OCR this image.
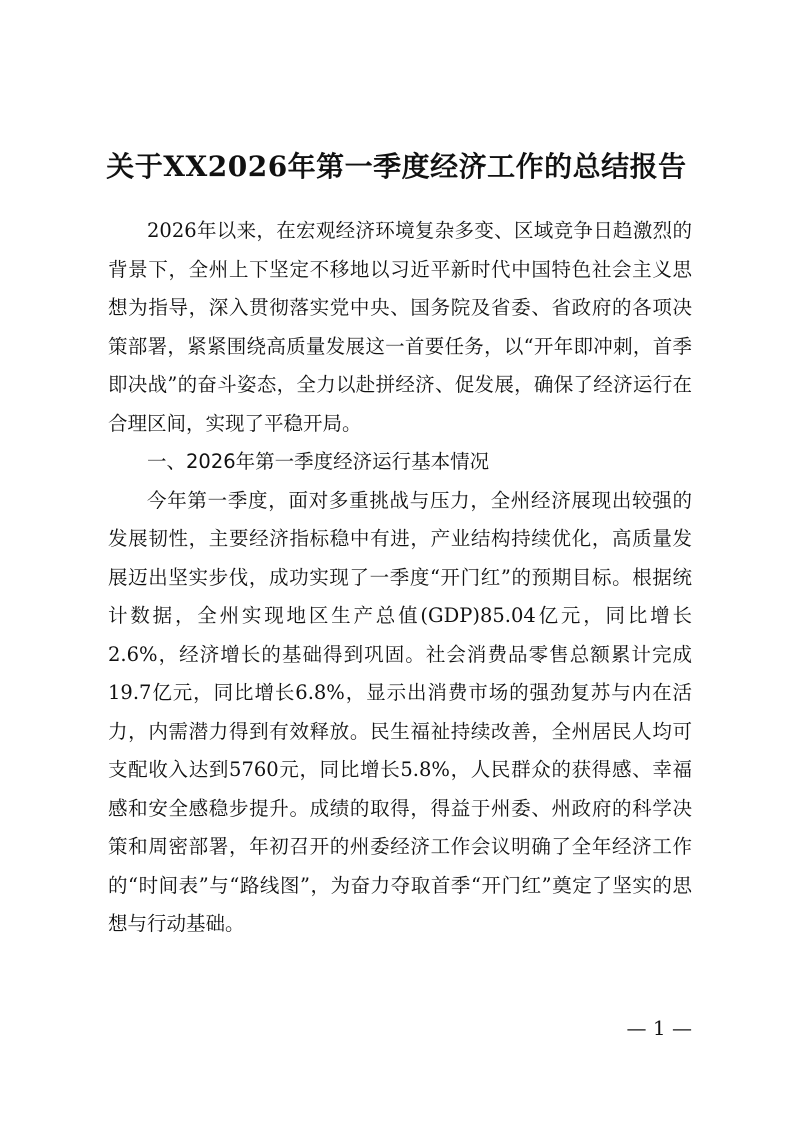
关于XX2026年第一季度经济工作的总结报告

2026年以来，在宏观经济环境复杂多变、区域竞争日趋激烈的背景下，全州上下坚定不移地以习近平新时代中国特色社会主义思想为指导，深入贯彻落实党中央、国务院及省委、省政府的各项决策部署，紧紧围绕高质量发展这一首要任务，以“开年即冲刺，首季即决战”的奋斗姿态，全力以赴拼经济、促发展，确保了经济运行在合理区间，实现了平稳开局。

一、2026年第一季度经济运行基本情况

今年第一季度，面对多重挑战与压力，全州经济展现出较强的发展韧性，主要经济指标稳中有进，产业结构持续优化，高质量发展迈出坚实步伐，成功实现了一季度“开门红”的预期目标。根据统计数据，全州实现地区生产总值(GDP)85.04亿元，同比增长2.6%，经济增长的基础得到巩固。社会消费品零售总额累计完成19.7亿元，同比增长6.8%，显示出消费市场的强劲复苏与内在活力，内需潜力得到有效释放。民生福祉持续改善，全州居民人均可支配收入达到5760元，同比增长5.8%，人民群众的获得感、幸福感和安全感稳步提升。成绩的取得，得益于州委、州政府的科学决策和周密部署，年初召开的州委经济工作会议明确了全年经济工作的“时间表”与“路线图”，为奋力夺取首季“开门红”奠定了坚实的思想与行动基础。

— 1 —
